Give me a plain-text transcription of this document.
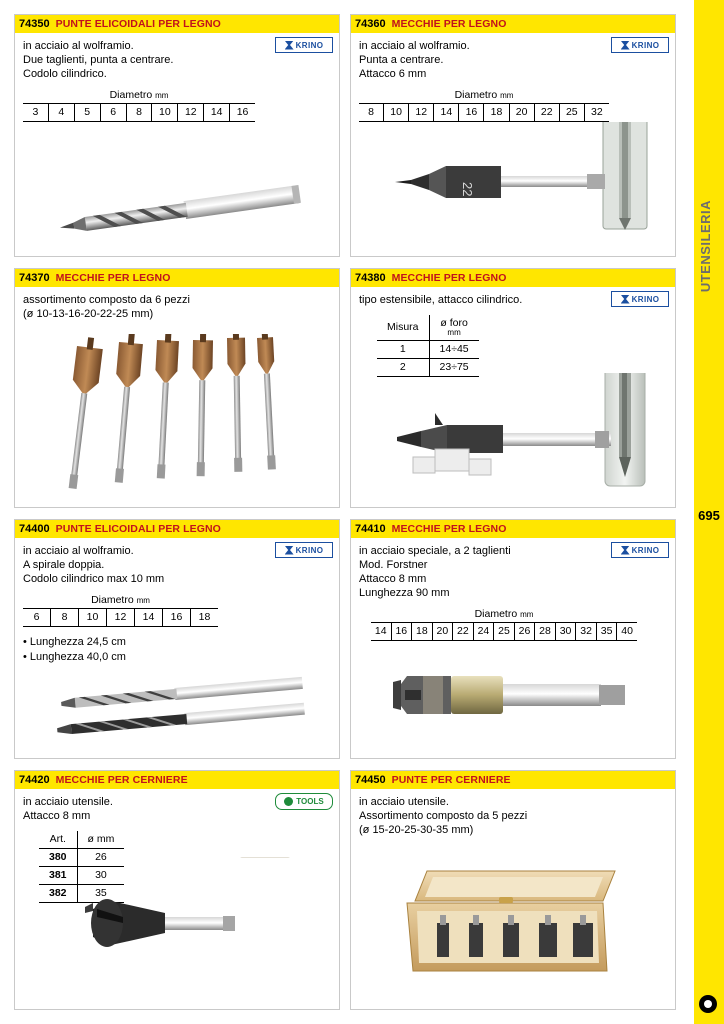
UTENSILERIA
695
74350 PUNTE ELICOIDALI PER LEGNO
KRINO
in acciaio al wolframio.
Due taglienti, punta a centrare.
Codolo cilindrico.
Diametro mm
3	4	5	6	8	10	12	14	16
74360 MECCHIE PER LEGNO
KRINO
in acciaio al wolframio.
Punta a centrare.
Attacco 6 mm
Diametro mm
8	10	12	14	16	18	20	22	25	32
22
74370 MECCHIE PER LEGNO
assortimento composto da 6 pezzi
(ø 10-13-16-20-22-25 mm)
74380 MECCHIE PER LEGNO
KRINO
tipo estensibile, attacco cilindrico.
Misura	ø foro
mm

1	14÷45
2	23÷75
74400 PUNTE ELICOIDALI PER LEGNO
KRINO
in acciaio al wolframio.
A spirale doppia.
Codolo cilindrico max 10 mm
Diametro mm
6	8	10	12	14	16	18
• Lunghezza 24,5 cm
• Lunghezza 40,0 cm
74410 MECCHIE PER LEGNO
KRINO
in acciaio speciale, a 2 taglienti
Mod. Forstner
Attacco 8 mm
Lunghezza 90 mm
Diametro mm
14 16 18 20 22 24 25 26 28 30 32 35 40
74420 MECCHIE PER CERNIERE
TOOLS
in acciaio utensile.
Attacco 8 mm
Art.	ø mm
380	26
381	30
382	35
74450 PUNTE PER CERNIERE
in acciaio utensile.
Assortimento composto da 5 pezzi
(ø 15-20-25-30-35 mm)
